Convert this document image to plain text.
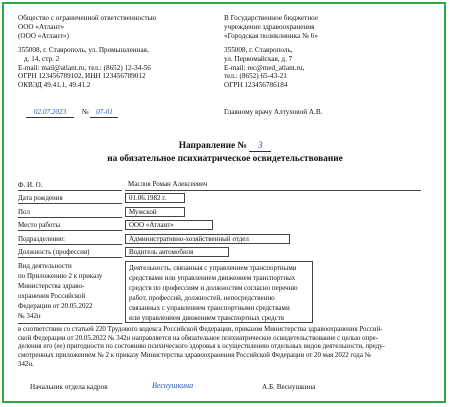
Общество с ограниченной ответственностью
ООО «Атлант»
(ООО «Атлант»)
355008, г. Ставрополь, ул. Промышленная,
д. 14, стр. 2
E-mail: mail@atlant.ru, тел.: (8652) 12-34-56
ОГРН 123456789102, ИНН 123456789012
ОКВЭД 49.41.1, 49.41.2
В Государственное бюджетное
учреждение здравоохранения
«Городская поликлиника № 6»
355008, г. Ставрополь,
ул. Первомайская, д. 7
E-mail: rec@med_atlant.ru,
тел.: (8652) 65-43-21
ОГРН 123456786184
02.07.2023 № 07-01	Главному врачу Алтуховой А.В.
Направление № 3
на обязательное психиатрическое освидетельствование
Ф. И. О.	Маслов Роман Алексеевич
Дата рождения	01.06.1982 г.
Пол	Мужской
Место работы	ООО «Атлант»
Подразделение:	Административно-хозяйственный отдел
Должность (профессия)	Водитель автомобиля
Вид деятельности
по Приложению 2 к приказу
Министерства здраво-
охранения Российской
Федерации от 20.05.2022
№ 342н
Деятельность, связанная с управлением транспортными
средствами или управлением движением транспортных
средств по профессиям и должностям согласно перечню
работ, профессий, должностей, непосредственно
связанных с управлением транспортными средствами
или управлением движением транспортных средств
в соответствии со статьей 220 Трудового кодекса Российской Федерации, приказом Министерства здравоохранения Россий-
ской Федерации от 20.05.2022 № 342н направляется на обязательное психиатрическое освидетельствование с целью опре-
деления его (ее) пригодности по состоянию психического здоровья к осуществлению отдельных видов деятельности, преду-
смотренных приложением № 2 к приказу Министерства здравоохранения Российской Федерации от 20 мая 2022 года №
342н.
Начальник отдела кадров	Веснушкина	А.Б. Веснушкина
